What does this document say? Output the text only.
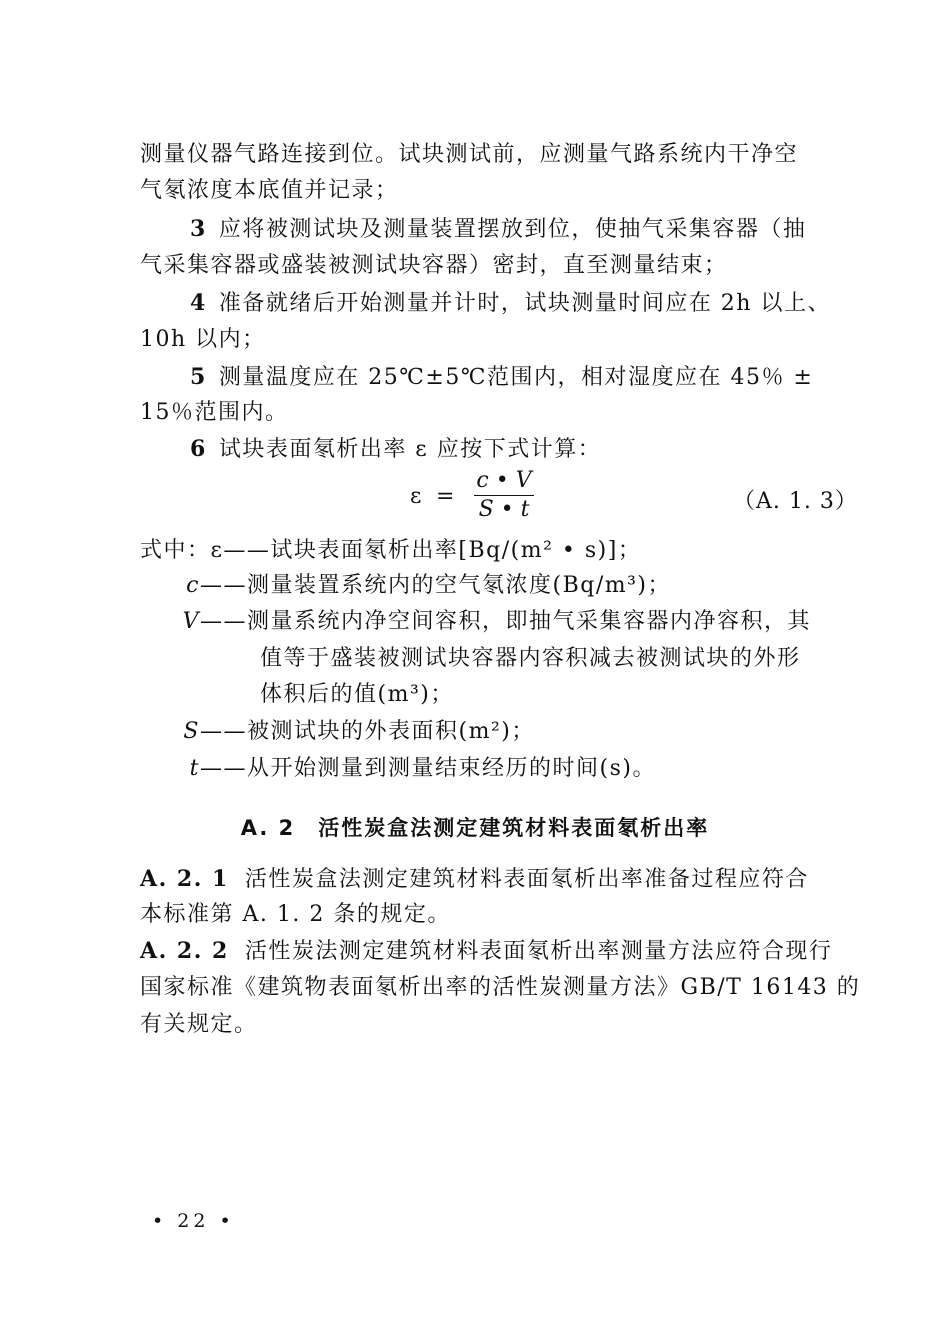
测量仪器气路连接到位。试块测试前，应测量气路系统内干净空
气氡浓度本底值并记录；
3 应将被测试块及测量装置摆放到位，使抽气采集容器（抽
气采集容器或盛装被测试块容器）密封，直至测量结束；
4 准备就绪后开始测量并计时，试块测量时间应在 2h 以上、
10h 以内；
5 测量温度应在 25℃±5℃范围内，相对湿度应在 45％ ±
15％范围内。
6 试块表面氡析出率 ε 应按下式计算：
ε =
c • V
S • t	（A. 1. 3）
式中：ε——试块表面氡析出率[Bq/(m² • s)]；
c——测量装置系统内的空气氡浓度(Bq/m³)；
V——测量系统内净空间容积，即抽气采集容器内净容积，其
值等于盛装被测试块容器内容积减去被测试块的外形
体积后的值(m³)；
S——被测试块的外表面积(m²)；
t——从开始测量到测量结束经历的时间(s)。
A. 2　活性炭盒法测定建筑材料表面氡析出率
A. 2. 1 活性炭盒法测定建筑材料表面氡析出率准备过程应符合
本标准第 A. 1. 2 条的规定。
A. 2. 2 活性炭法测定建筑材料表面氡析出率测量方法应符合现行
国家标准《建筑物表面氡析出率的活性炭测量方法》GB/T 16143 的
有关规定。
• 22 •
